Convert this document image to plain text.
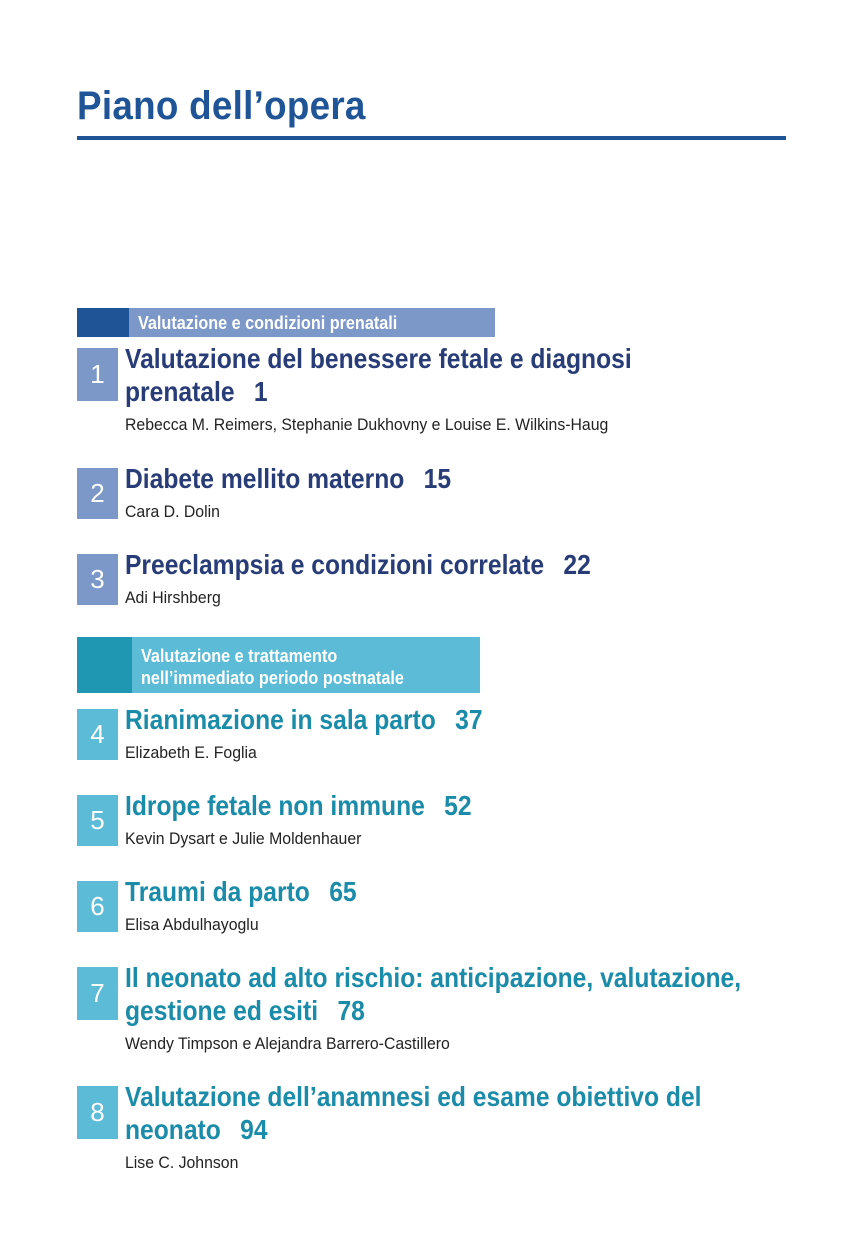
Piano dell’opera
Valutazione e condizioni prenatali
1 Valutazione del benessere fetale e diagnosi
prenatale 1
Rebecca M. Reimers, Stephanie Dukhovny e Louise E. Wilkins-Haug
2 Diabete mellito materno 15
Cara D. Dolin
3 Preeclampsia e condizioni correlate 22
Adi Hirshberg
Valutazione e trattamento
nell’immediato periodo postnatale
4 Rianimazione in sala parto 37
Elizabeth E. Foglia
5 Idrope fetale non immune 52
Kevin Dysart e Julie Moldenhauer
6 Traumi da parto 65
Elisa Abdulhayoglu
7 Il neonato ad alto rischio: anticipazione, valutazione,
gestione ed esiti 78
Wendy Timpson e Alejandra Barrero-Castillero
8 Valutazione dell’anamnesi ed esame obiettivo del
neonato 94
Lise C. Johnson
